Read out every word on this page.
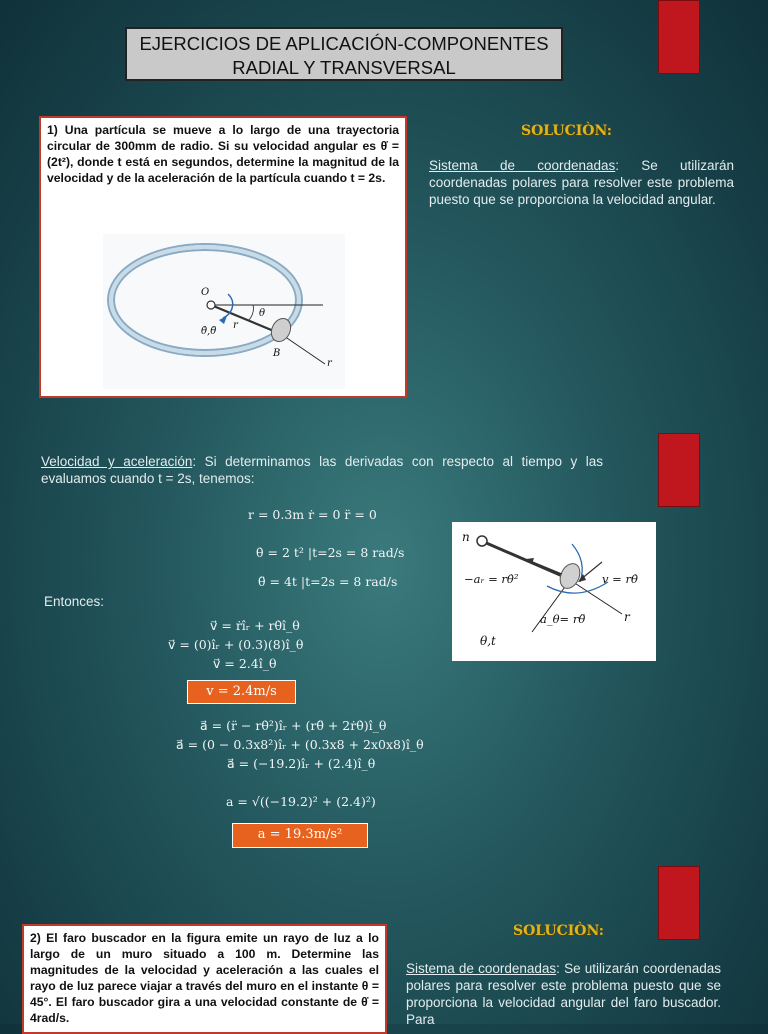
EJERCICIOS DE APLICACIÓN-COMPONENTES
RADIAL Y TRANSVERSAL
1) Una partícula se mueve a lo largo de una trayectoria circular de 300mm de radio. Si su velocidad angular es θ̇ = (2t²), donde t está en segundos, determine la magnitud de la velocidad y de la aceleración de la partícula cuando t = 2s.
O
θ
r
θ̇,θ̈
B
r
SOLUCIÒN:
Sistema de coordenadas: Se utilizarán coordenadas polares para resolver este problema puesto que se proporciona la velocidad angular.
Velocidad y aceleración: Si determinamos las derivadas con respecto al tiempo y las evaluamos cuando t = 2s, tenemos:
r = 0.3m ṙ = 0 r̈ = 0
θ̇ = 2 t² |t=2s = 8 rad/s
θ̈ = 4t |t=2s = 8 rad/s
Entonces:
v⃗ = ṙîᵣ + rθ̇î_θ
v⃗ = (0)îᵣ + (0.3)(8)î_θ
v⃗ = 2.4î_θ
v = 2.4m/s
a⃗ = (r̈ − rθ̇²)îᵣ + (rθ̈ + 2ṙθ̇)î_θ
a⃗ = (0 − 0.3x8²)îᵣ + (0.3x8 + 2x0x8)î_θ
a⃗ = (−19.2)îᵣ + (2.4)î_θ
a = √((−19.2)² + (2.4)²)
a = 19.3m/s²
n
−aᵣ = rθ̇²	v = rθ̇
a_θ= rθ̈	r
θ,t
2) El faro buscador en la figura emite un rayo de luz a lo largo de un muro situado a 100 m. Determine las magnitudes de la velocidad y aceleración a las cuales el rayo de luz parece viajar a través del muro en el instante θ = 45°. El faro buscador gira a una velocidad constante de θ̇ = 4rad/s.
SOLUCIÒN:
Sistema de coordenadas: Se utilizarán coordenadas polares para resolver este problema puesto que se proporciona la velocidad angular del faro buscador. Para
